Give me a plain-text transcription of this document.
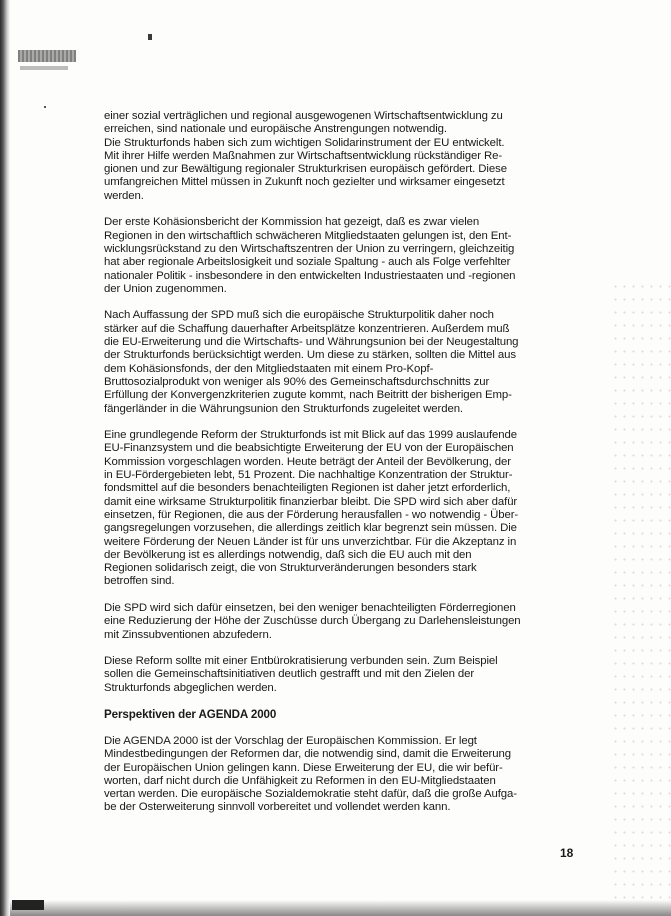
einer sozial verträglichen und regional ausgewogenen Wirtschaftsentwicklung zu
erreichen, sind nationale und europäische Anstrengungen notwendig.
Die Strukturfonds haben sich zum wichtigen Solidarinstrument der EU entwickelt.
Mit ihrer Hilfe werden Maßnahmen zur Wirtschaftsentwicklung rückständiger Re-
gionen und zur Bewältigung regionaler Strukturkrisen europäisch gefördert. Diese
umfangreichen Mittel müssen in Zukunft noch gezielter und wirksamer eingesetzt
werden.

Der erste Kohäsionsbericht der Kommission hat gezeigt, daß es zwar vielen
Regionen in den wirtschaftlich schwächeren Mitgliedstaaten gelungen ist, den Ent-
wicklungsrückstand zu den Wirtschaftszentren der Union zu verringern, gleichzeitig
hat aber regionale Arbeitslosigkeit und soziale Spaltung - auch als Folge verfehlter
nationaler Politik - insbesondere in den entwickelten Industriestaaten und -regionen
der Union zugenommen.

Nach Auffassung der SPD muß sich die europäische Strukturpolitik daher noch
stärker auf die Schaffung dauerhafter Arbeitsplätze konzentrieren. Außerdem muß
die EU-Erweiterung und die Wirtschafts- und Währungsunion bei der Neugestaltung
der Strukturfonds berücksichtigt werden. Um diese zu stärken, sollten die Mittel aus
dem Kohäsionsfonds, der den Mitgliedstaaten mit einem Pro-Kopf-
Bruttosozialprodukt von weniger als 90% des Gemeinschaftsdurchschnitts zur
Erfüllung der Konvergenzkriterien zugute kommt, nach Beitritt der bisherigen Emp-
fängerländer in die Währungsunion den Strukturfonds zugeleitet werden.

Eine grundlegende Reform der Strukturfonds ist mit Blick auf das 1999 auslaufende
EU-Finanzsystem und die beabsichtigte Erweiterung der EU von der Europäischen
Kommission vorgeschlagen worden. Heute beträgt der Anteil der Bevölkerung, der
in EU-Fördergebieten lebt, 51 Prozent. Die nachhaltige Konzentration der Struktur-
fondsmittel auf die besonders benachteiligten Regionen ist daher jetzt erforderlich,
damit eine wirksame Strukturpolitik finanzierbar bleibt. Die SPD wird sich aber dafür
einsetzen, für Regionen, die aus der Förderung herausfallen - wo notwendig - Über-
gangsregelungen vorzusehen, die allerdings zeitlich klar begrenzt sein müssen. Die
weitere Förderung der Neuen Länder ist für uns unverzichtbar. Für die Akzeptanz in
der Bevölkerung ist es allerdings notwendig, daß sich die EU auch mit den
Regionen solidarisch zeigt, die von Strukturveränderungen besonders stark
betroffen sind.

Die SPD wird sich dafür einsetzen, bei den weniger benachteiligten Förderregionen
eine Reduzierung der Höhe der Zuschüsse durch Übergang zu Darlehensleistungen
mit Zinssubventionen abzufedern.

Diese Reform sollte mit einer Entbürokratisierung verbunden sein. Zum Beispiel
sollen die Gemeinschaftsinitiativen deutlich gestrafft und mit den Zielen der
Strukturfonds abgeglichen werden.

Perspektiven der AGENDA 2000

Die AGENDA 2000 ist der Vorschlag der Europäischen Kommission. Er legt
Mindestbedingungen der Reformen dar, die notwendig sind, damit die Erweiterung
der Europäischen Union gelingen kann. Diese Erweiterung der EU, die wir befür-
worten, darf nicht durch die Unfähigkeit zu Reformen in den EU-Mitgliedstaaten
vertan werden. Die europäische Sozialdemokratie steht dafür, daß die große Aufga-
be der Osterweiterung sinnvoll vorbereitet und vollendet werden kann.

18
